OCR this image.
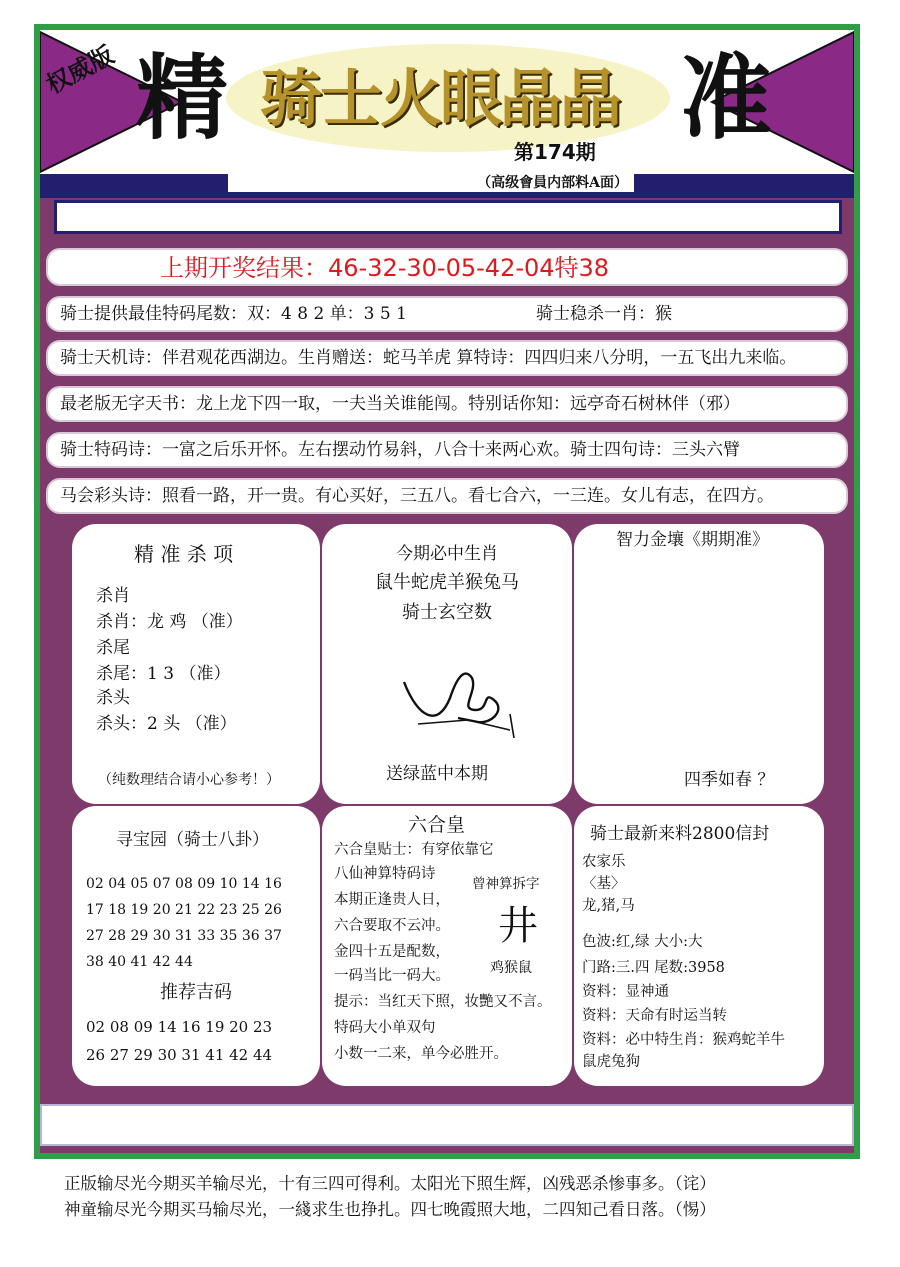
权威版 精 骑士火眼晶晶 准
第174期
（高级會員内部料A面）
上期开奖结果：46-32-30-05-42-04特38
骑士提供最佳特码尾数：双：4 8 2 单：3 5 1	骑士稳杀一肖：猴
骑士天机诗：伴君观花西湖边。生肖赠送：蛇马羊虎 算特诗：四四归来八分明，一五飞出九来临。
最老版无字天书：龙上龙下四一取，一夫当关谁能闯。特别话你知：远亭奇石树林伴（邪）
骑士特码诗：一富之后乐开怀。左右摆动竹易斜，八合十来两心欢。骑士四句诗：三头六臂
马会彩头诗：照看一路，开一贵。有心买好，三五八。看七合六，一三连。女儿有志，在四方。
精 准 杀 项
杀肖
杀肖：龙 鸡 （准）
杀尾
杀尾：1 3 （准）
杀头
杀头：2 头 （准）
（纯数理结合请小心参考！）
今期必中生肖
鼠牛蛇虎羊猴兔马
骑士玄空数
送绿蓝中本期
智力金壤《期期准》
四季如春 ？
寻宝园（骑士八卦）
02 04 05 07 08 09 10 14 16
17 18 19 20 21 22 23 25 26
27 28 29 30 31 33 35 36 37
38 40 41 42 44
推荐吉码
02 08 09 14 16 19 20 23
26 27 29 30 31 41 42 44
六合皇
六合皇贴士：有穿依靠它
八仙神算特码诗
本期正逢贵人日，
六合要取不云冲。
金四十五是配数，
一码当比一码大。
曾神算拆字
井
鸡猴鼠
提示：当红天下照，妆艷又不言。
特码大小单双句
小数一二来，单今必胜开。
骑士最新来料2800信封
农家乐
〈基〉
龙,猪,马
色波:红,绿 大小:大
门路:三.四 尾数:3958
资料：显神通
资料：天命有时运当转
资料：必中特生肖：猴鸡蛇羊牛
鼠虎兔狗
正版输尽光今期买羊输尽光，十有三四可得利。太阳光下照生辉，凶残恶杀惨事多。（诧）
神童输尽光今期买马输尽光，一綫求生也挣扎。四七晚霞照大地，二四知己看日落。（惕）
